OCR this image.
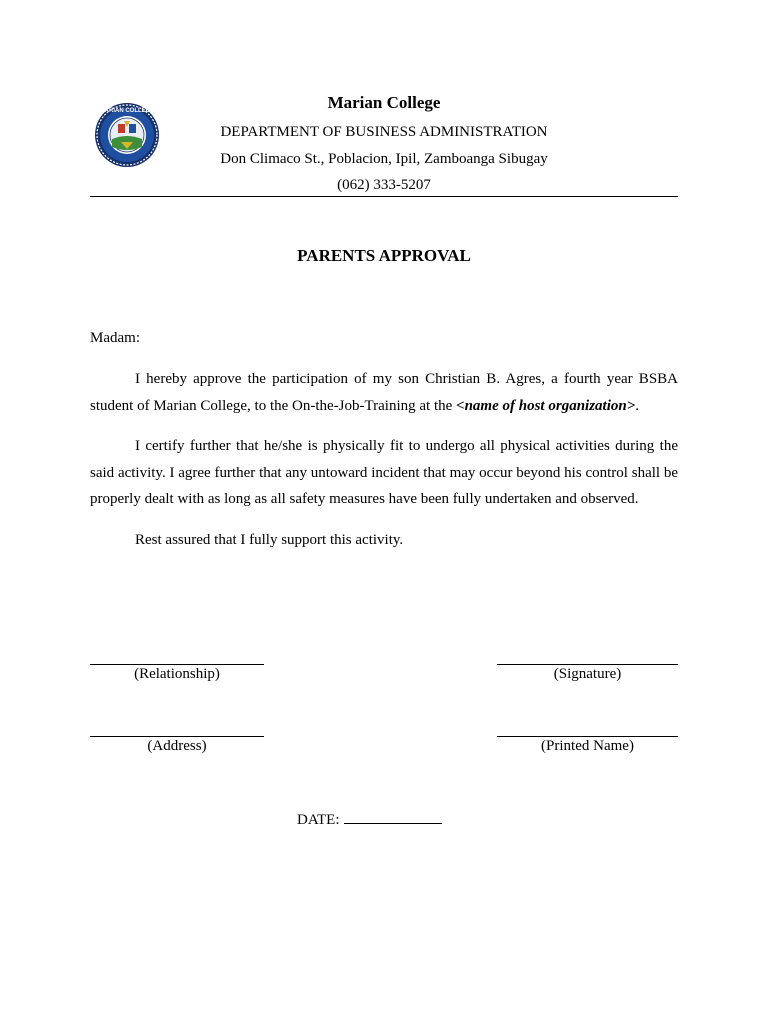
MARIAN COLLEGE	Marian College
DEPARTMENT OF BUSINESS ADMINISTRATION
Don Climaco St., Poblacion, Ipil, Zamboanga Sibugay
(062) 333-5207
PARENTS APPROVAL
Madam:
I hereby approve the participation of my son Christian B. Agres, a fourth year BSBA student of Marian College, to the On-the-Job-Training at the <name of host organization>.
I certify further that he/she is physically fit to undergo all physical activities during the said activity. I agree further that any untoward incident that may occur beyond his control shall be properly dealt with as long as all safety measures have been fully undertaken and observed.
Rest assured that I fully support this activity.
(Relationship)	(Signature)
(Address)	(Printed Name)
DATE:
